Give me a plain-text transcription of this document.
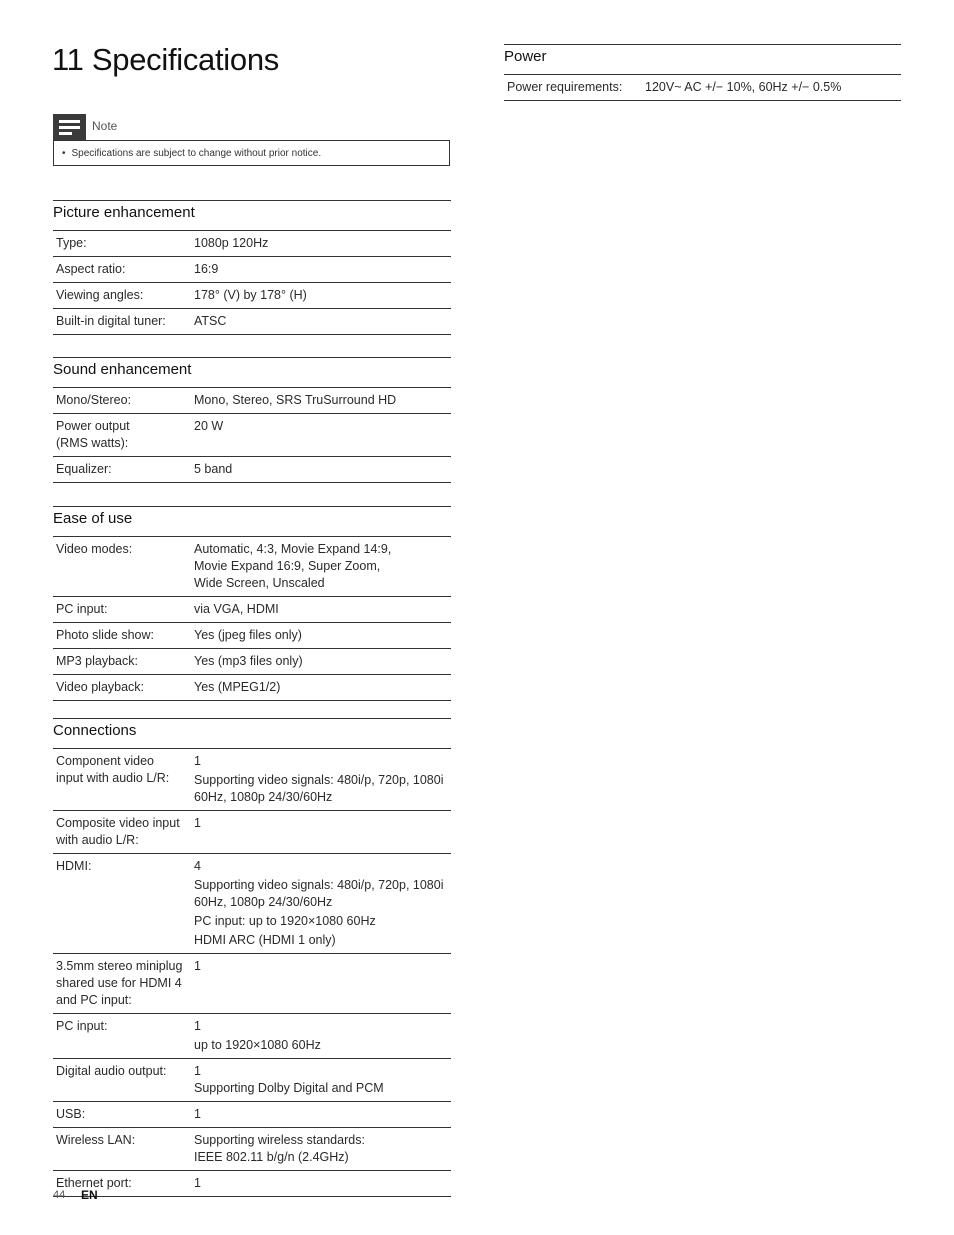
11 Specifications
Note
• Specifications are subject to change without prior notice.
Picture enhancement
Type:	1080p 120Hz

Aspect ratio:	16:9

Viewing angles:	178° (V) by 178° (H)

Built-in digital tuner:	ATSC
Sound enhancement
Mono/Stereo:	Mono, Stereo, SRS TruSurround HD

Power output
(RMS watts):	20 W

Equalizer:	5 band
Ease of use
Video modes:	Automatic, 4:3, Movie Expand 14:9,
Movie Expand 16:9, Super Zoom,
Wide Screen, Unscaled

PC input:	via VGA, HDMI

Photo slide show:	Yes (jpeg files only)

MP3 playback:	Yes (mp3 files only)

Video playback:	Yes (MPEG1/2)
Connections
Component video
input with audio L/R:	1
Supporting video signals: 480i/p, 720p, 1080i
60Hz, 1080p 24/30/60Hz

Composite video input
with audio L/R:	1

HDMI:	4
Supporting video signals: 480i/p, 720p, 1080i
60Hz, 1080p 24/30/60Hz
PC input: up to 1920×1080 60Hz
HDMI ARC (HDMI 1 only)

3.5mm stereo miniplug
shared use for HDMI 4
and PC input:	1

PC input:	1
up to 1920×1080 60Hz

Digital audio output:	1
Supporting Dolby Digital and PCM

USB:	1

Wireless LAN:	Supporting wireless standards:
IEEE 802.11 b/g/n (2.4GHz)

Ethernet port:	1
Power
Power requirements:	120V~ AC +/− 10%, 60Hz +/− 0.5%
44 EN
